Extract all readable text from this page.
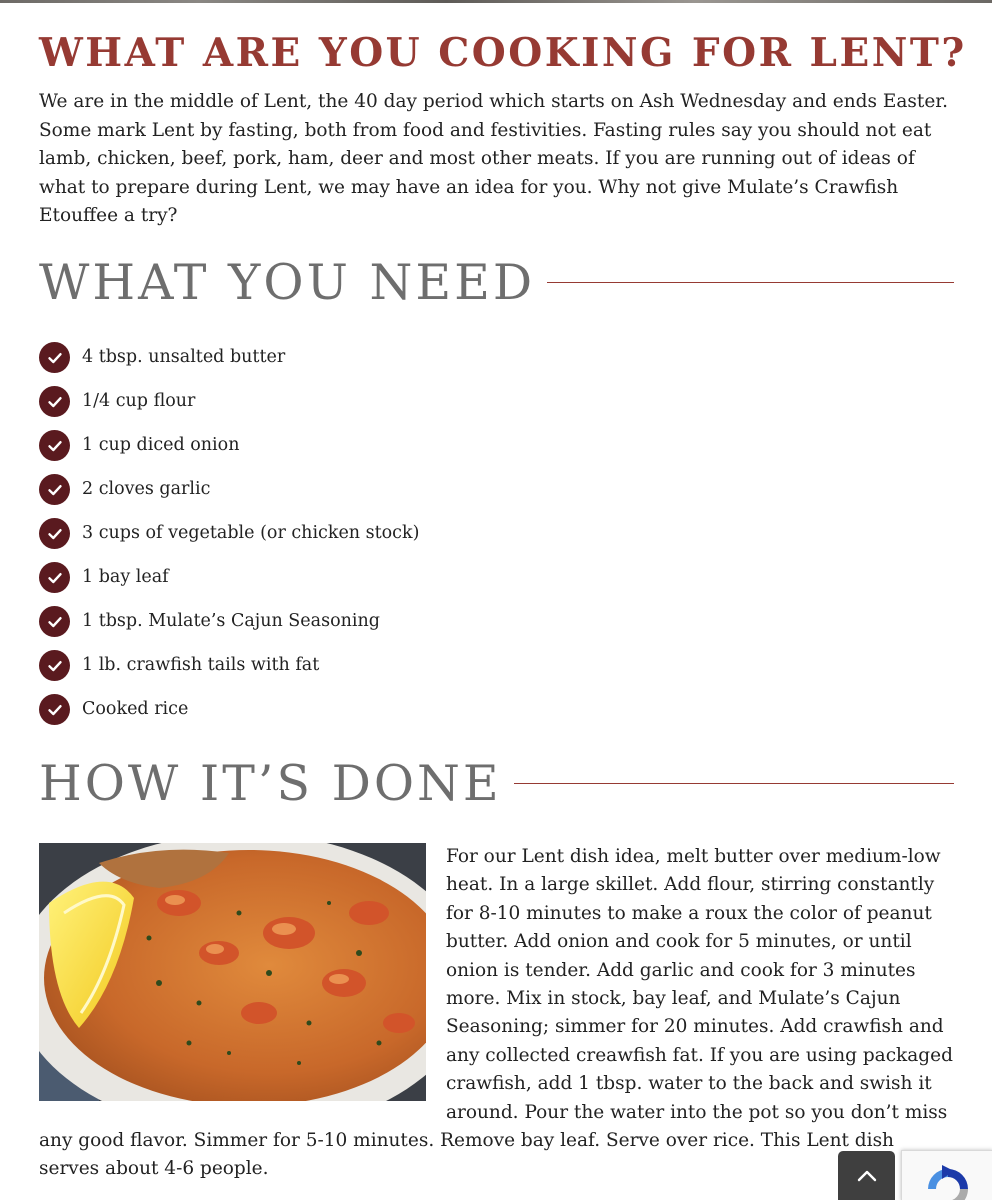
WHAT ARE YOU COOKING FOR LENT?

We are in the middle of Lent, the 40 day period which starts on Ash Wednesday and ends Easter. Some mark Lent by fasting, both from food and festivities. Fasting rules say you should not eat lamb, chicken, beef, pork, ham, deer and most other meats. If you are running out of ideas of what to prepare during Lent, we may have an idea for you. Why not give Mulate’s Crawfish Etouffee a try?

WHAT YOU NEED
4 tbsp. unsalted butter
1/4 cup flour
1 cup diced onion
2 cloves garlic
3 cups of vegetable (or chicken stock)
1 bay leaf
1 tbsp. Mulate’s Cajun Seasoning
1 lb. crawfish tails with fat
Cooked rice
HOW IT’S DONE

For our Lent dish idea, melt butter over medium-low heat. In a large skillet. Add flour, stirring constantly for 8-10 minutes to make a roux the color of peanut butter. Add onion and cook for 5 minutes, or until onion is tender. Add garlic and cook for 3 minutes more. Mix in stock, bay leaf, and Mulate’s Cajun Seasoning; simmer for 20 minutes. Add crawfish and any collected creawfish fat. If you are using packaged crawfish, add 1 tbsp. water to the back and swish it around. Pour the water into the pot so you don’t miss any good flavor. Simmer for 5-10 minutes. Remove bay leaf. Serve over rice. This Lent dish serves about 4-6 people.
